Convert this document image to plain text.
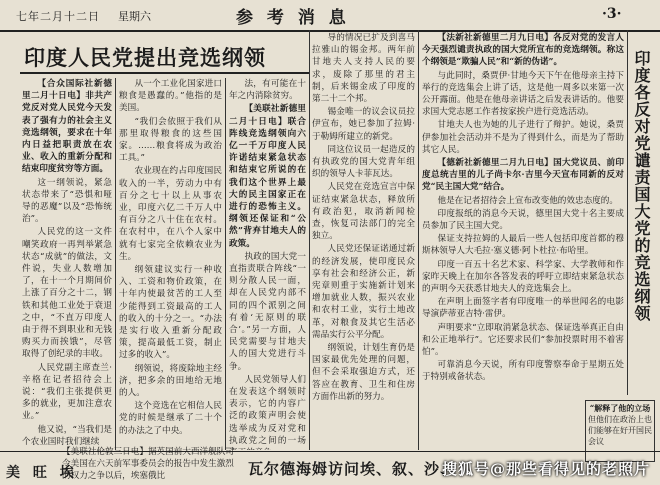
七年二月十二日 星期六	参 考 消 息	·3·
印度人民党提出竞选纲领

【合众国际社新德里二月十日电】非共产党反对党人民党今天发表了强有力的社会主义竞选纲领，要求在十年内日益把职责放在农业、收入的重新分配和结束印度贫穷等方面。

这一纲领说，紧急状态带来了“恐惧和哑导的恶魔”以及“恐怖统治”。

人民党的这一文件嘲笑政府一再判举紧急状态“成就”的做法，文件说，失业人数增加了，在十一个月期间价上涨了百分之十二，钢铁和其他工业处于衰退之中，“不直万印度人由于得不到职业和无钱购买力而挨饿”，尽管取得了创纪录的丰收。

人民党副主席查兰·辛格在记者招待会上说：“我们主张提供更多的就业，更加注意农业。”

他又说，“当我们是个农业国时我们继续

从一个工业化国家进口粮食是愚蠢的。”他指的是美国。

“我们会依照于我们从那里取得粮食的这些国家。……粮食将成为政治工具。”

农业现在约占印度国民收入的一半，劳动力中有百分之七十以上从事农业，印度六亿二千万人中有百分之八十住在农村。在农村中，在八个人家中就有七家完全依赖农业为生。

纲领建议实行一种收入、工资和物价政策，在十年内使最贫苦的工人至少能得到工资最高的工人的收入的十分之一。“办法是实行收入重新分配政策，提高最低工资，制止过多的收入”。

纲领说，将废除地主经济，把多余的田地给无地的人。

这个竞选在它相信人民党的时候是继承了二十个的办法之了中央。

法，有可能在十年之内消除贫穷。

【美联社新德里二月十日电】联合阵线竞选纲领向六亿一千万印度人民许诺结束紧急状态和结束它所说的在我们这个世界上最大的民主国家正在进行的恐怖主义。纲领还保证和“公然”背弃甘地夫人的政策。

执政的国大党一直指责联合阵线“一则分散人民一面，却在人民党内部不同的四个派别之间有着‘无原则的联合’。”另一方面，人民党需要与甘地夫人的国大党进行斗争。

人民党领导人们在发表这个纲领时表示，它的内容广泛的政策声明会使选举成为反对党和执政党之间的一场

导的情况已扩及到喜马拉雅山的锡金邦。两年前甘地夫人支持人民的要求，废除了那里的君主制，后来锡金成了印度的第二十二个邦。

锡金唯一的议会议员拉伊宣布，她已参加了拉姆·于勒姆所建立的新党。

同这位议员一起造反的有执政党的国大党青年组织的领导人卡菲瓦达。

人民党在竞选宣言中保证结束紧急状态，释放所有政治犯，取消新闻检查，恢复司法部门的完全独立。

人民党还保证诺通过新的经济发展，使印度民众享有社会和经济公正，新宪章则重于实施新计划来增加就业人数，振兴农业和农村工业，实行土地改革，对粮食及其它生活必需品实行公平分配。

纲领说，计划生育仍是国家最优先处理的问题，但不会采取强迫方式，还答应在教育、卫生和住房方面作出新的努力。

【法新社新德里二月九日电】各反对党的发言人今天强烈谴责执政的国大党所宣布的竞选纲领。称这个纲领是“欺骗人民”和“新的伪诺”。

与此同时，桑贾伊·甘地今天下午在他母亲主持下举行的竞选集会上讲了话，这是他一周多以来第一次公开露面。他是在他母亲讲话之后发表讲话的。他要求国大党志愿工作者按家挨户进行竞选活动。

甘地夫人也为她的儿子进行了辩护。她说，桑贾伊参加社会活动并不是为了得到什么，而是为了帮助其它人民。

【德新社新德里二月九日电】国大党议员、前印度总统吉里的儿子尚卡尔·吉里今天宣布同新的反对党“民主国大党”结合。

他是在记者招待会上宣布改变他的效忠态度的。

印度报纸的消息今天说，德里国大党十名主要成员参加了民主国大党。

保证支持拉姆的人最后一些人包括印度首都的穆斯林领导人大毛拉·塞义德·阿卜杜拉·布哈里。

印度一百五十名艺术家、科学家、大学教师和作家昨天晚上在加尔各答发表的呼吁立即结束紧急状态的声明今天获悉甘地夫人的竞选集会上。

在声明上面签字者有印度唯一的举世闻名的电影导演萨蒂亚吉特·雷伊。

声明要求“立即取消紧急状态、保证选举真正自由和公正地举行”。它还要求民们“参加投票时用不着害怕”。

可靠消息今天说，所有印度警察奉命于星期五处于特别戒备状态。

印度各反对党谴责国大党的竞选纲领
“解释了他的立场
但他们在政治上也们能够在好开国民会议
美 旺 埃
【美联社伦敦三日电】据英国前大西洋舰队司令美国在六天前军事委员会的报告中发生激烈的权力之争以后，埃塞俄比	瓦尔德海姆访问埃、叙、沙、
搜狐号@那些看得见的老照片
